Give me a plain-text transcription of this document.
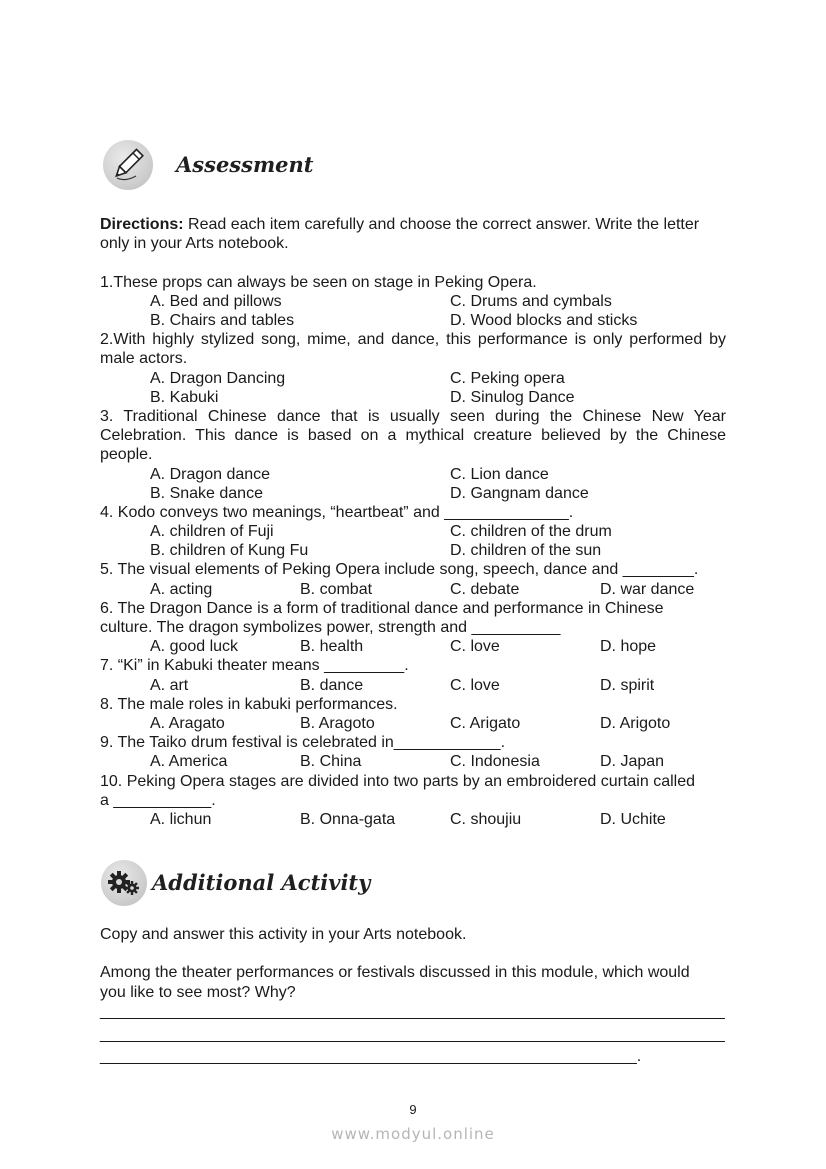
Assessment
Directions: Read each item carefully and choose the correct answer. Write the letter
only in your Arts notebook.
1.These props can always be seen on stage in Peking Opera.
A. Bed and pillows	C. Drums and cymbals
B. Chairs and tables	D. Wood blocks and sticks
2.With highly stylized song, mime, and dance, this performance is only performed by
male actors.
A. Dragon Dancing	C. Peking opera
B. Kabuki	D. Sinulog Dance
3. Traditional Chinese dance that is usually seen during the Chinese New Year
Celebration. This dance is based on a mythical creature believed by the Chinese
people.
A. Dragon dance	C. Lion dance
B. Snake dance	D. Gangnam dance
4. Kodo conveys two meanings, “heartbeat” and ______________.
A. children of Fuji	C. children of the drum
B. children of Kung Fu	D. children of the sun
5. The visual elements of Peking Opera include song, speech, dance and ________.
A. acting	B. combat	C. debate	D. war dance
6. The Dragon Dance is a form of traditional dance and performance in Chinese
culture. The dragon symbolizes power, strength and __________
A. good luck	B. health	C. love	D. hope
7. “Ki” in Kabuki theater means _________.
A. art	B. dance	C. love	D. spirit
8. The male roles in kabuki performances.
A. Aragato	B. Aragoto	C. Arigato	D. Arigoto
9. The Taiko drum festival is celebrated in____________.
A. America	B. China	C. Indonesia	D. Japan
10. Peking Opera stages are divided into two parts by an embroidered curtain called
a ___________.
A. lichun	B. Onna-gata	C. shoujiu	D. Uchite
Additional Activity
Copy and answer this activity in your Arts notebook.
Among the theater performances or festivals discussed in this module, which would
you like to see most? Why?
_______________________________________________________________________
_______________________________________________________________________
_____________________________________________________________.
9
www.modyul.online
